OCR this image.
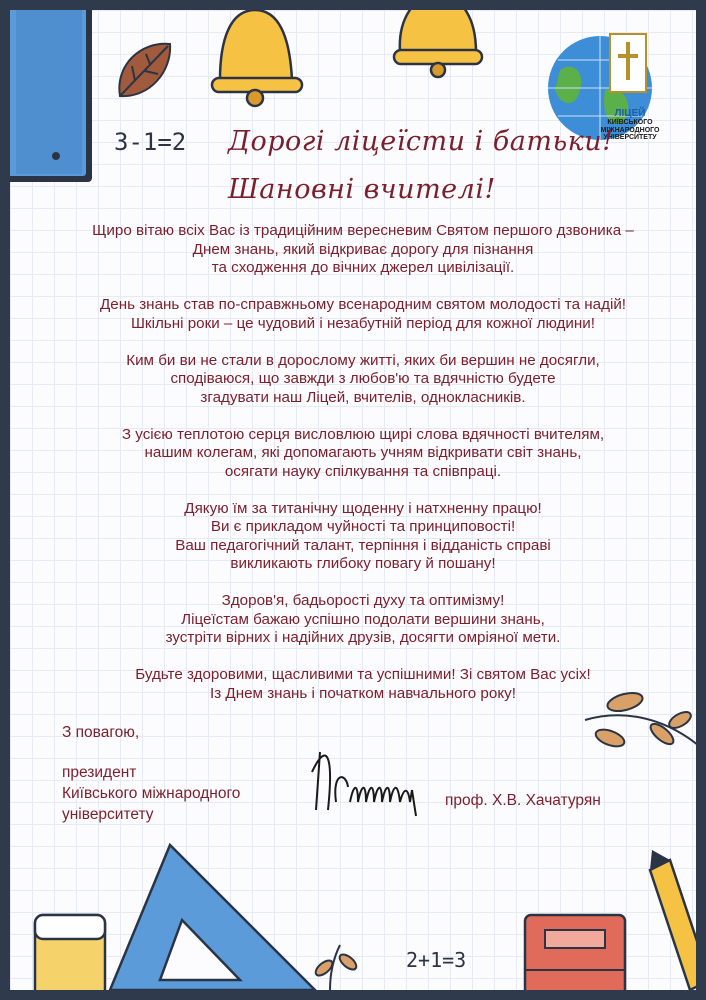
3-1=2
ЛІЦЕЙ
КИЇВСЬКОГО
МІЖНАРОДНОГО
УНІВЕРСИТЕТУ
Дорогі ліцеїсти і батьки!
Шановні вчителі!

Щиро вітаю всіх Вас із традиційним вересневим Святом першого дзвоника –
Днем знань, який відкриває дорогу для пізнання
та сходження до вічних джерел цивілізації.

День знань став по-справжньому всенародним святом молодості та надій!
Шкільні роки – це чудовий і незабутній період для кожної людини!

Ким би ви не стали в дорослому житті, яких би вершин не досягли,
сподіваюся, що завжди з любов'ю та вдячністю будете
згадувати наш Ліцей, вчителів, однокласників.

З усією теплотою серця висловлюю щирі слова вдячності вчителям,
нашим колегам, які допомагають учням відкривати світ знань,
осягати науку спілкування та співпраці.

Дякую їм за титанічну щоденну і натхненну працю!
Ви є прикладом чуйності та принциповості!
Ваш педагогічний талант, терпіння і відданість справі
викликають глибоку повагу й пошану!

Здоров'я, бадьорості духу та оптимізму!
Ліцеїстам бажаю успішно подолати вершини знань,
зустріти вірних і надійних друзів, досягти омріяної мети.

Будьте здоровими, щасливими та успішними! Зі святом Вас усіх!
Із Днем знань і початком навчального року!

З повагою,
президент
Київського міжнародного
університету
проф. Х.В. Хачатурян
2+1=3
